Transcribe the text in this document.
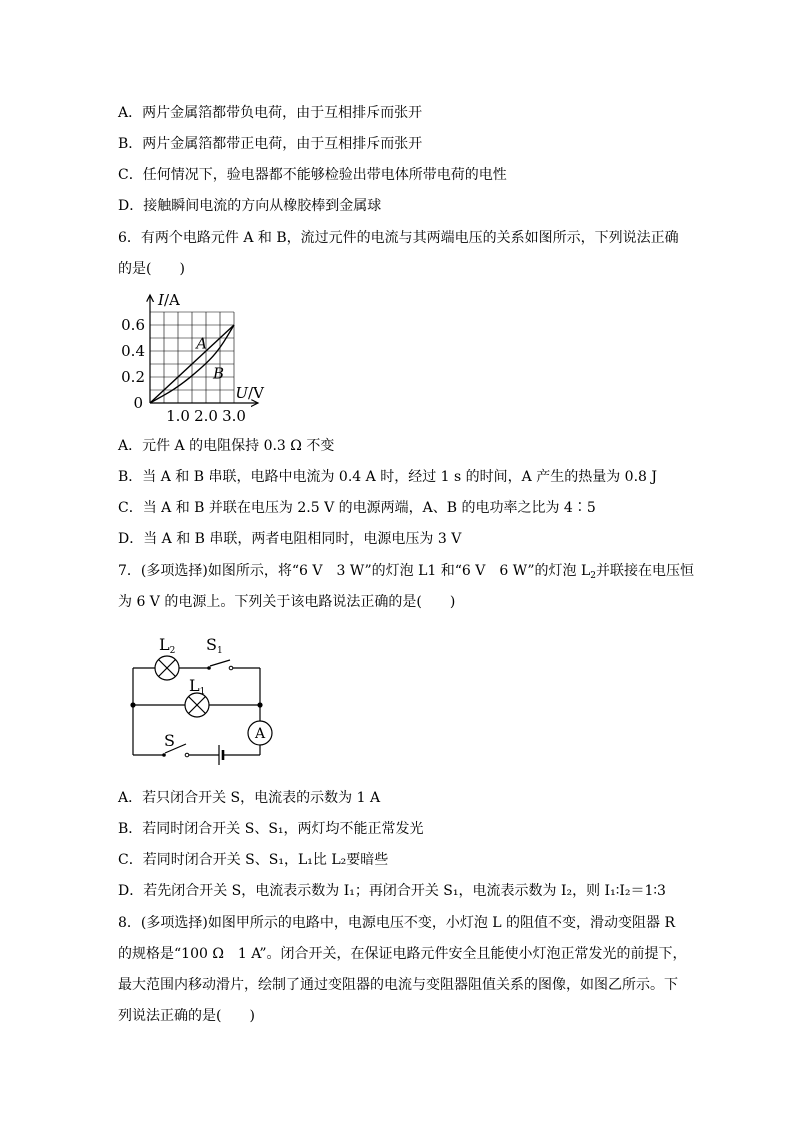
A．两片金属箔都带负电荷，由于互相排斥而张开
B．两片金属箔都带正电荷，由于互相排斥而张开
C．任何情况下，验电器都不能够检验出带电体所带电荷的电性
D．接触瞬间电流的方向从橡胶棒到金属球
6．有两个电路元件 A 和 B，流过元件的电流与其两端电压的关系如图所示，下列说法正确
的是(　　)
0.2
0.4
0.6
1.0 2.0 3.0
0
I/A
U/V
A
B
A．元件 A 的电阻保持 0.3 Ω 不变
B．当 A 和 B 串联，电路中电流为 0.4 A 时，经过 1 s 的时间，A 产生的热量为 0.8 J
C．当 A 和 B 并联在电压为 2.5 V 的电源两端，A、B 的电功率之比为 4∶5
D．当 A 和 B 串联，两者电阻相同时，电源电压为 3 V
7．(多项选择)如图所示，将“6 V　3 W”的灯泡 L1 和“6 V　6 W”的灯泡 $L_2$并联接在电压恒
为 6 V 的电源上。下列关于该电路说法正确的是(　　)
L2 S1
L1
A
S
A．若只闭合开关 S，电流表的示数为 1 A
B．若同时闭合开关 S、S₁，两灯均不能正常发光
C．若同时闭合开关 S、S₁，L₁比 L₂要暗些
D．若先闭合开关 S，电流表示数为 I₁；再闭合开关 S₁，电流表示数为 I₂，则 I₁∶I₂＝1∶3
8．(多项选择)如图甲所示的电路中，电源电压不变，小灯泡 L 的阻值不变，滑动变阻器 R
的规格是“100 Ω　1 A”。闭合开关，在保证电路元件安全且能使小灯泡正常发光的前提下，
最大范围内移动滑片，绘制了通过变阻器的电流与变阻器阻值关系的图像，如图乙所示。下
列说法正确的是(　　)
